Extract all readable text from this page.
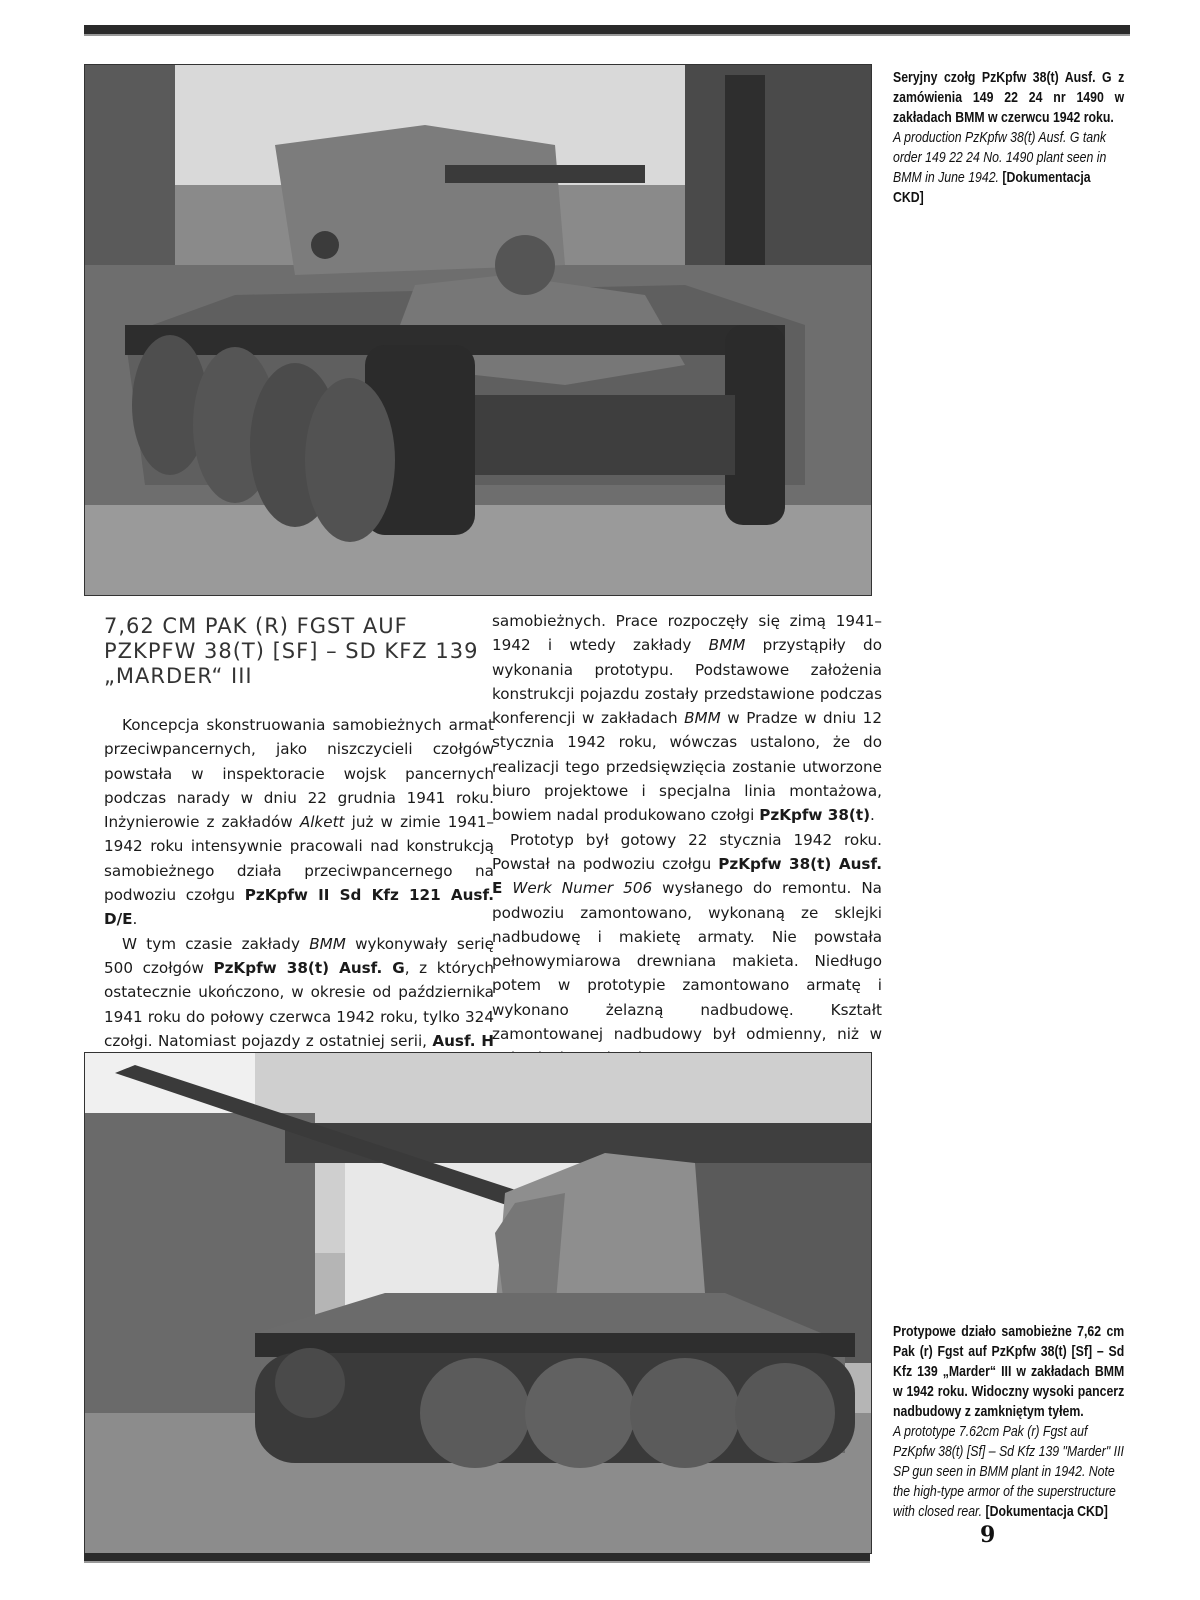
Seryjny czołg PzKpfw 38(t) Ausf. G z zamówienia 149 22 24 nr 1490 w zakładach BMM w czerwcu 1942 roku.
A production PzKpfw 38(t) Ausf. G tank order 149 22 24 No. 1490 plant seen in BMM in June 1942. [Dokumentacja CKD]
7,62 CM PAK (R) FGST AUF
PZKPFW 38(T) [SF] – SD KFZ 139
„MARDER“ III

Koncepcja skonstruowania samobieżnych armat przeciwpancernych, jako niszczycieli czołgów powstała w inspektoracie wojsk pancernych podczas narady w dniu 22 grudnia 1941 roku. Inżynierowie z zakładów Alkett już w zimie 1941–1942 roku intensywnie pracowali nad konstrukcją samobieżnego działa przeciwpancernego na podwoziu czołgu PzKpfw II Sd Kfz 121 Ausf. D/E.

W tym czasie zakłady BMM wykonywały serię 500 czołgów PzKpfw 38(t) Ausf. G, z których ostatecznie ukończono, w okresie od października 1941 roku do połowy czerwca 1942 roku, tylko 324 czołgi. Natomiast pojazdy z ostatniej serii, Ausf. H

samobieżnych. Prace rozpoczęły się zimą 1941–1942 i wtedy zakłady BMM przystąpiły do wykonania prototypu. Podstawowe założenia konstrukcji pojazdu zostały przedstawione podczas konferencji w zakładach BMM w Pradze w dniu 12 stycznia 1942 roku, wówczas ustalono, że do realizacji tego przedsięwzięcia zostanie utworzone biuro projektowe i specjalna linia montażowa, bowiem nadal produkowano czołgi PzKpfw 38(t).

Prototyp był gotowy 22 stycznia 1942 roku. Powstał na podwoziu czołgu PzKpfw 38(t) Ausf. E Werk Numer 506 wysłanego do remontu. Na podwoziu zamontowano, wykonaną ze sklejki nadbudowę i makietę armaty. Nie powstała pełnowymiarowa drewniana makieta. Niedługo potem w prototypie zamontowano armatę i wykonano żelazną nadbudowę. Kształt zamontowanej nadbudowy był odmienny, niż w

Protypowe działo samobieżne 7,62 cm Pak (r) Fgst auf PzKpfw 38(t) [Sf] – Sd Kfz 139 „Marder“ III w zakładach BMM w 1942 roku. Widoczny wysoki pancerz nadbudowy z zamkniętym tyłem.
A prototype 7.62cm Pak (r) Fgst auf PzKpfw 38(t) [Sf] – Sd Kfz 139 "Marder" III SP gun seen in BMM plant in 1942. Note the high-type armor of the superstructure with closed rear. [Dokumentacja CKD]
9
